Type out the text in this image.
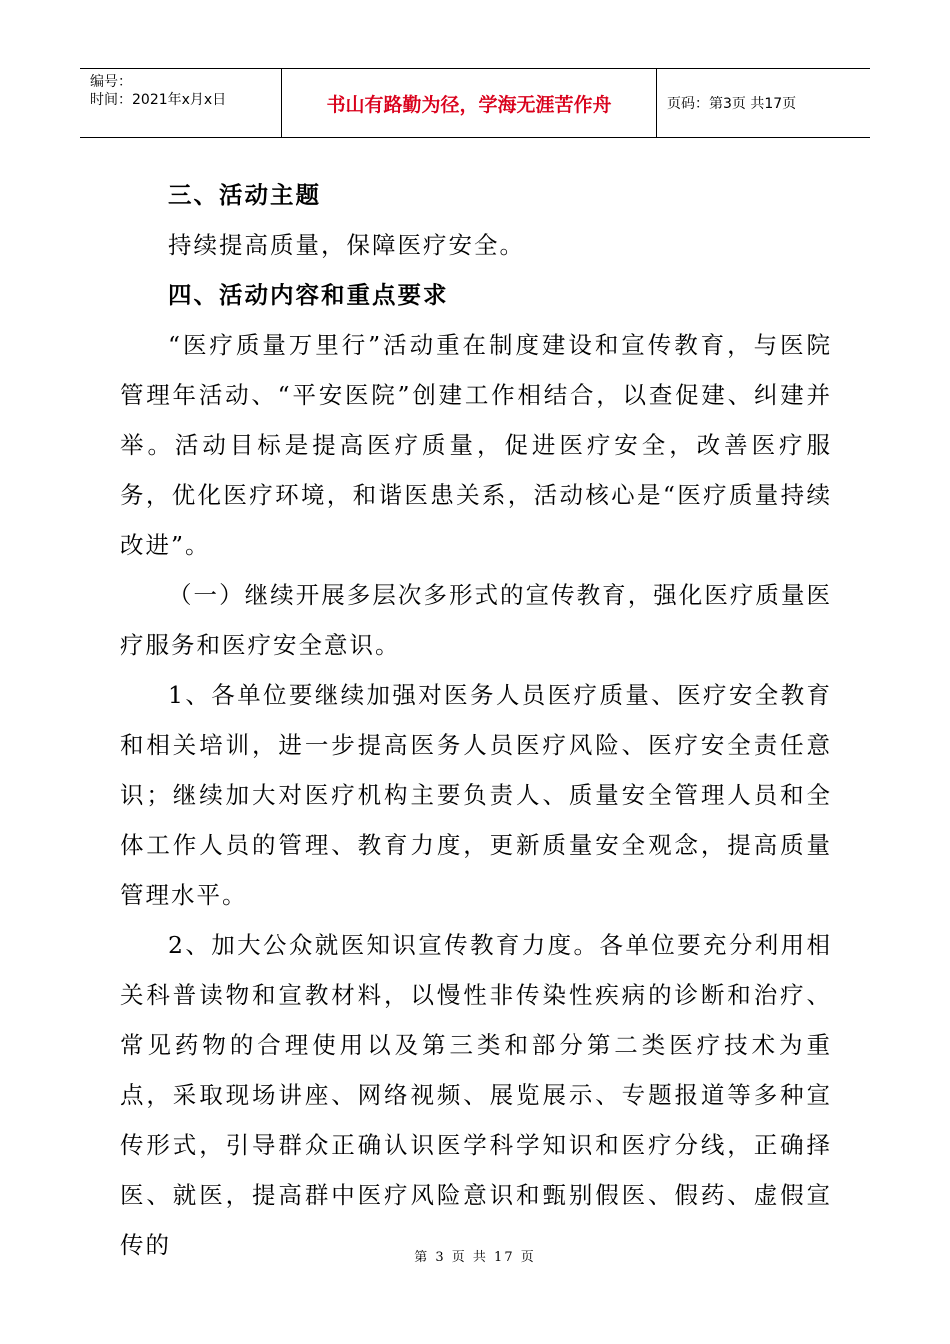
编号：
时间：2021年x月x日	书山有路勤为径，学海无涯苦作舟	页码：第3页 共17页

三、活动主题

持续提高质量，保障医疗安全。

四、活动内容和重点要求

“医疗质量万里行”活动重在制度建设和宣传教育，与医院管理年活动、“平安医院”创建工作相结合，以查促建、纠建并举。活动目标是提高医疗质量，促进医疗安全，改善医疗服务，优化医疗环境，和谐医患关系，活动核心是“医疗质量持续改进”。

（一）继续开展多层次多形式的宣传教育，强化医疗质量医疗服务和医疗安全意识。

1、各单位要继续加强对医务人员医疗质量、医疗安全教育和相关培训，进一步提高医务人员医疗风险、医疗安全责任意识；继续加大对医疗机构主要负责人、质量安全管理人员和全体工作人员的管理、教育力度，更新质量安全观念，提高质量管理水平。

2、加大公众就医知识宣传教育力度。各单位要充分利用相关科普读物和宣教材料，以慢性非传染性疾病的诊断和治疗、常见药物的合理使用以及第三类和部分第二类医疗技术为重点，采取现场讲座、网络视频、展览展示、专题报道等多种宣传形式，引导群众正确认识医学科学知识和医疗分线，正确择医、就医，提高群中医疗风险意识和甄别假医、假药、虚假宣传的	第 3 页 共 17 页
